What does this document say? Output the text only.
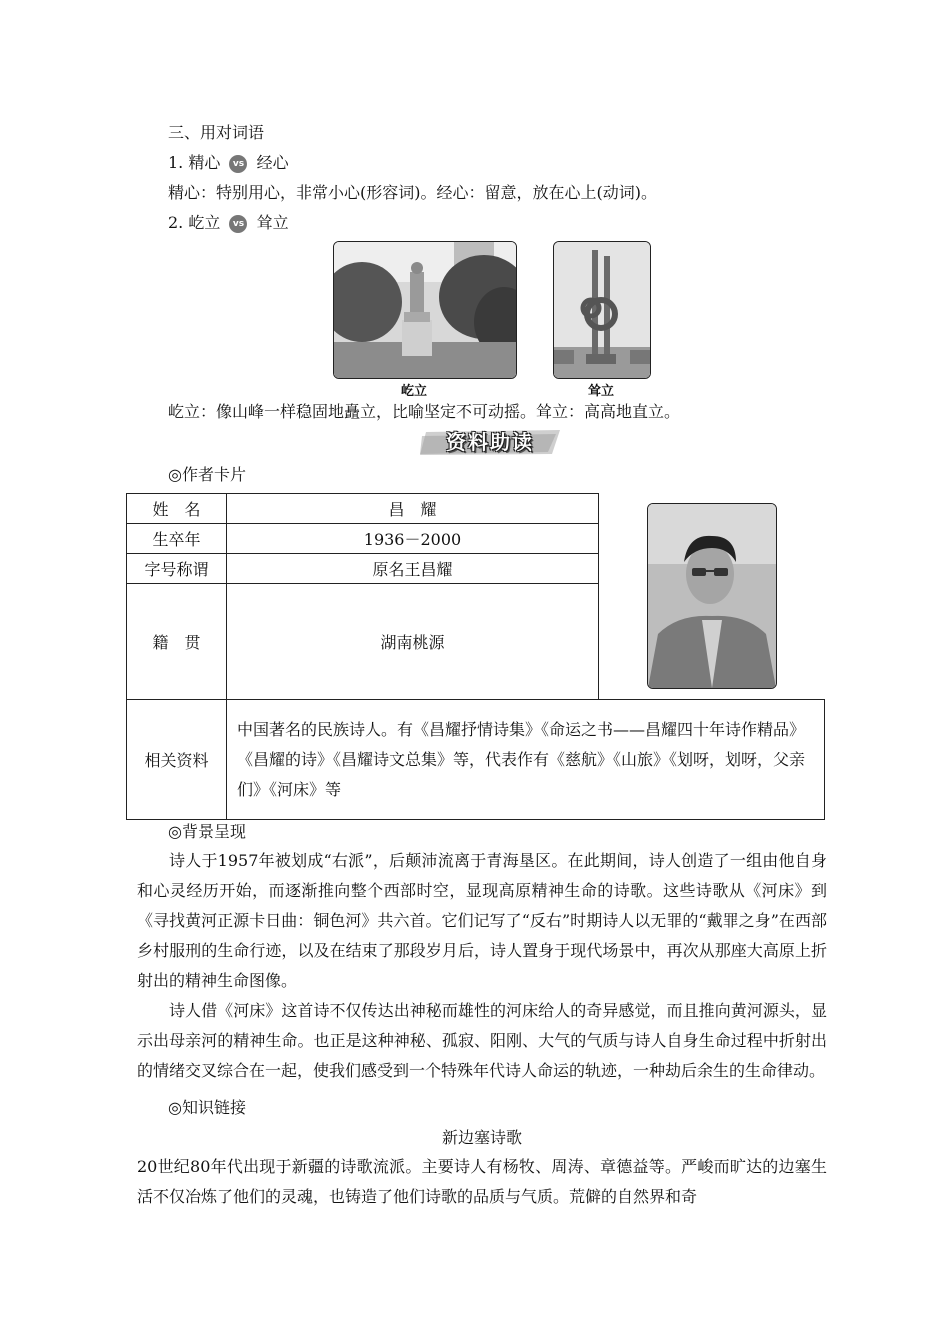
三、用对词语
1. 精心 vs 经心
精心：特别用心，非常小心(形容词)。经心：留意，放在心上(动词)。
2. 屹立 vs 耸立
屹立	耸立
屹立：像山峰一样稳固地矗立，比喻坚定不可动摇。耸立：高高地直立。
资料助读
◎作者卡片
姓　名	昌　耀	

生卒年	1936－2000	
字号称谓	原名王昌耀	
籍　贯	湖南桃源	
相关资料	中国著名的民族诗人。有《昌耀抒情诗集》《命运之书——昌耀四十年诗作精品》《昌耀的诗》《昌耀诗文总集》等，代表作有《慈航》《山旅》《划呀，划呀，父亲们》《河床》等	
◎背景呈现
诗人于1957年被划成“右派”，后颠沛流离于青海垦区。在此期间，诗人创造了一组由他自身和心灵经历开始，而逐渐推向整个西部时空，显现高原精神生命的诗歌。这些诗歌从《河床》到《寻找黄河正源卡日曲：铜色河》共六首。它们记写了“反右”时期诗人以无罪的“戴罪之身”在西部乡村服刑的生命行迹，以及在结束了那段岁月后，诗人置身于现代场景中，再次从那座大高原上折射出的精神生命图像。
诗人借《河床》这首诗不仅传达出神秘而雄性的河床给人的奇异感觉，而且推向黄河源头，显示出母亲河的精神生命。也正是这种神秘、孤寂、阳刚、大气的气质与诗人自身生命过程中折射出的情绪交叉综合在一起，使我们感受到一个特殊年代诗人命运的轨迹，一种劫后余生的生命律动。
◎知识链接
新边塞诗歌
20世纪80年代出现于新疆的诗歌流派。主要诗人有杨牧、周涛、章德益等。严峻而旷达的边塞生活不仅冶炼了他们的灵魂，也铸造了他们诗歌的品质与气质。荒僻的自然界和奇
